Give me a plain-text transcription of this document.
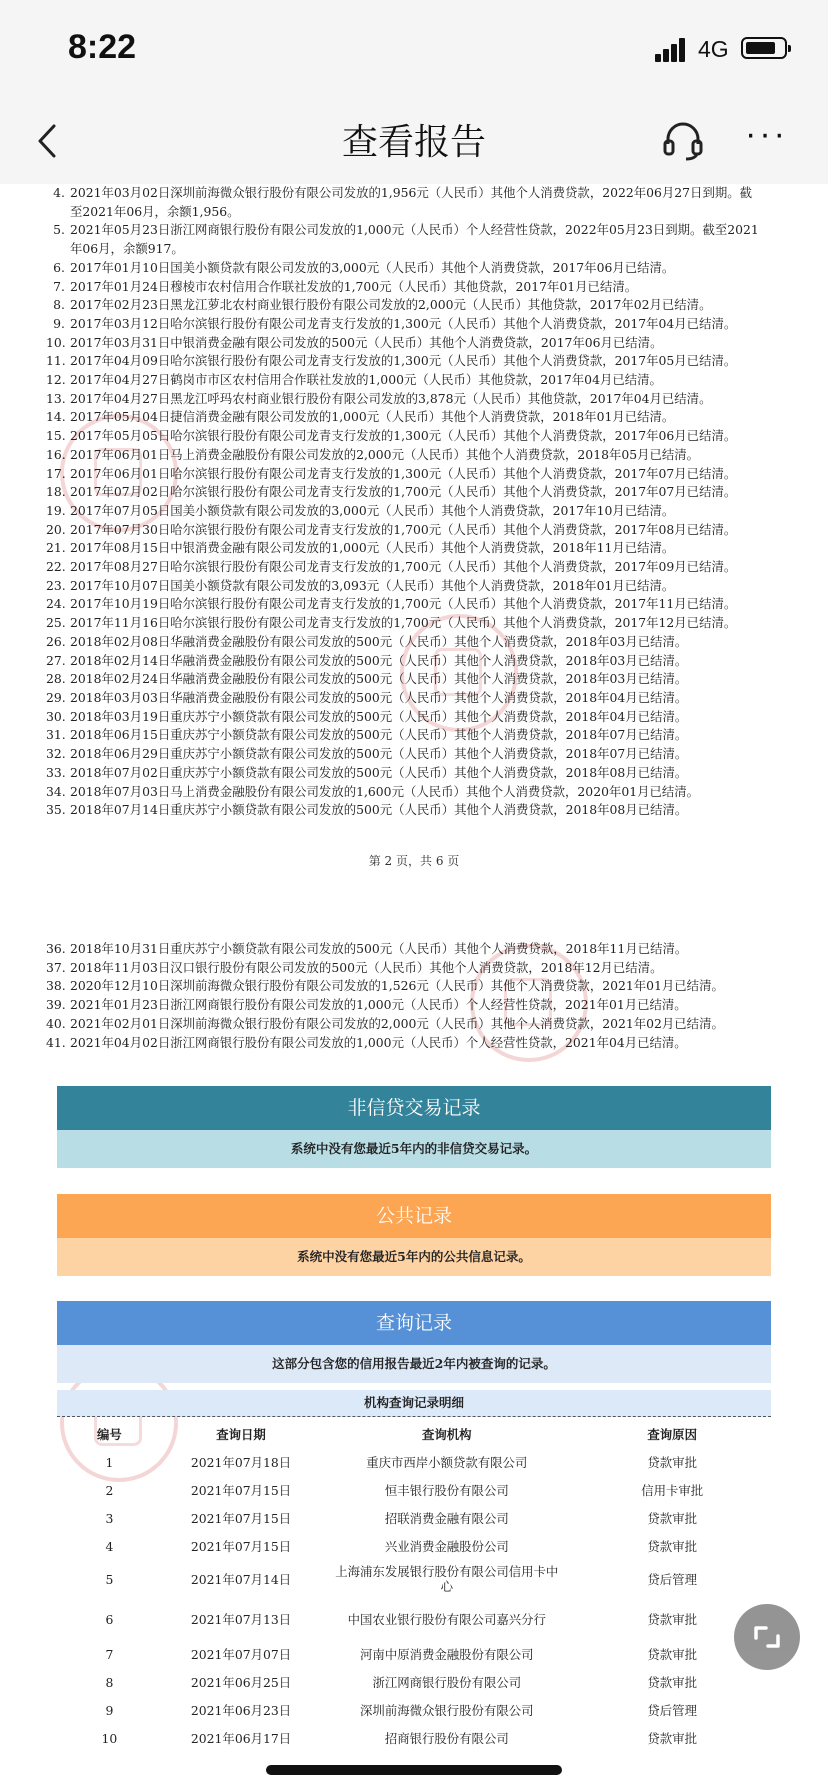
8:22	4G
查看报告	···
4. 2021年03月02日深圳前海微众银行股份有限公司发放的1,956元（人民币）其他个人消费贷款，2022年06月27日到期。截至2021年06月，余额1,956。
5. 2021年05月23日浙江网商银行股份有限公司发放的1,000元（人民币）个人经营性贷款，2022年05月23日到期。截至2021年06月，余额917。
6. 2017年01月10日国美小额贷款有限公司发放的3,000元（人民币）其他个人消费贷款，2017年06月已结清。
7. 2017年01月24日穆棱市农村信用合作联社发放的1,700元（人民币）其他贷款，2017年01月已结清。
8. 2017年02月23日黑龙江萝北农村商业银行股份有限公司发放的2,000元（人民币）其他贷款，2017年02月已结清。
9. 2017年03月12日哈尔滨银行股份有限公司龙青支行发放的1,300元（人民币）其他个人消费贷款，2017年04月已结清。
10. 2017年03月31日中银消费金融有限公司发放的500元（人民币）其他个人消费贷款，2017年06月已结清。
11. 2017年04月09日哈尔滨银行股份有限公司龙青支行发放的1,300元（人民币）其他个人消费贷款，2017年05月已结清。
12. 2017年04月27日鹤岗市市区农村信用合作联社发放的1,000元（人民币）其他贷款，2017年04月已结清。
13. 2017年04月27日黑龙江呼玛农村商业银行股份有限公司发放的3,878元（人民币）其他贷款，2017年04月已结清。
14. 2017年05月04日捷信消费金融有限公司发放的1,000元（人民币）其他个人消费贷款，2018年01月已结清。
15. 2017年05月05日哈尔滨银行股份有限公司龙青支行发放的1,300元（人民币）其他个人消费贷款，2017年06月已结清。
16. 2017年06月01日马上消费金融股份有限公司发放的2,000元（人民币）其他个人消费贷款，2018年05月已结清。
17. 2017年06月01日哈尔滨银行股份有限公司龙青支行发放的1,300元（人民币）其他个人消费贷款，2017年07月已结清。
18. 2017年07月02日哈尔滨银行股份有限公司龙青支行发放的1,700元（人民币）其他个人消费贷款，2017年07月已结清。
19. 2017年07月05日国美小额贷款有限公司发放的3,000元（人民币）其他个人消费贷款，2017年10月已结清。
20. 2017年07月30日哈尔滨银行股份有限公司龙青支行发放的1,700元（人民币）其他个人消费贷款，2017年08月已结清。
21. 2017年08月15日中银消费金融有限公司发放的1,000元（人民币）其他个人消费贷款，2018年11月已结清。
22. 2017年08月27日哈尔滨银行股份有限公司龙青支行发放的1,700元（人民币）其他个人消费贷款，2017年09月已结清。
23. 2017年10月07日国美小额贷款有限公司发放的3,093元（人民币）其他个人消费贷款，2018年01月已结清。
24. 2017年10月19日哈尔滨银行股份有限公司龙青支行发放的1,700元（人民币）其他个人消费贷款，2017年11月已结清。
25. 2017年11月16日哈尔滨银行股份有限公司龙青支行发放的1,700元（人民币）其他个人消费贷款，2017年12月已结清。
26. 2018年02月08日华融消费金融股份有限公司发放的500元（人民币）其他个人消费贷款，2018年03月已结清。
27. 2018年02月14日华融消费金融股份有限公司发放的500元（人民币）其他个人消费贷款，2018年03月已结清。
28. 2018年02月24日华融消费金融股份有限公司发放的500元（人民币）其他个人消费贷款，2018年03月已结清。
29. 2018年03月03日华融消费金融股份有限公司发放的500元（人民币）其他个人消费贷款，2018年04月已结清。
30. 2018年03月19日重庆苏宁小额贷款有限公司发放的500元（人民币）其他个人消费贷款，2018年04月已结清。
31. 2018年06月15日重庆苏宁小额贷款有限公司发放的500元（人民币）其他个人消费贷款，2018年07月已结清。
32. 2018年06月29日重庆苏宁小额贷款有限公司发放的500元（人民币）其他个人消费贷款，2018年07月已结清。
33. 2018年07月02日重庆苏宁小额贷款有限公司发放的500元（人民币）其他个人消费贷款，2018年08月已结清。
34. 2018年07月03日马上消费金融股份有限公司发放的1,600元（人民币）其他个人消费贷款，2020年01月已结清。
35. 2018年07月14日重庆苏宁小额贷款有限公司发放的500元（人民币）其他个人消费贷款，2018年08月已结清。
第 2 页，共 6 页
36. 2018年10月31日重庆苏宁小额贷款有限公司发放的500元（人民币）其他个人消费贷款，2018年11月已结清。
37. 2018年11月03日汉口银行股份有限公司发放的500元（人民币）其他个人消费贷款，2018年12月已结清。
38. 2020年12月10日深圳前海微众银行股份有限公司发放的1,526元（人民币）其他个人消费贷款，2021年01月已结清。
39. 2021年01月23日浙江网商银行股份有限公司发放的1,000元（人民币）个人经营性贷款，2021年01月已结清。
40. 2021年02月01日深圳前海微众银行股份有限公司发放的2,000元（人民币）其他个人消费贷款，2021年02月已结清。
41. 2021年04月02日浙江网商银行股份有限公司发放的1,000元（人民币）个人经营性贷款，2021年04月已结清。
非信贷交易记录
系统中没有您最近5年内的非信贷交易记录。
公共记录
系统中没有您最近5年内的公共信息记录。
查询记录
这部分包含您的信用报告最近2年内被查询的记录。
机构查询记录明细
编号	查询日期	查询机构	查询原因
1	2021年07月18日	重庆市西岸小额贷款有限公司	贷款审批
2	2021年07月15日	恒丰银行股份有限公司	信用卡审批
3	2021年07月15日	招联消费金融有限公司	贷款审批
4	2021年07月15日	兴业消费金融股份公司	贷款审批
5	2021年07月14日	上海浦东发展银行股份有限公司信用卡中心	贷后管理
6	2021年07月13日	中国农业银行股份有限公司嘉兴分行	贷款审批
7	2021年07月07日	河南中原消费金融股份有限公司	贷款审批
8	2021年06月25日	浙江网商银行股份有限公司	贷款审批
9	2021年06月23日	深圳前海微众银行股份有限公司	贷后管理
10	2021年06月17日	招商银行股份有限公司	贷款审批
